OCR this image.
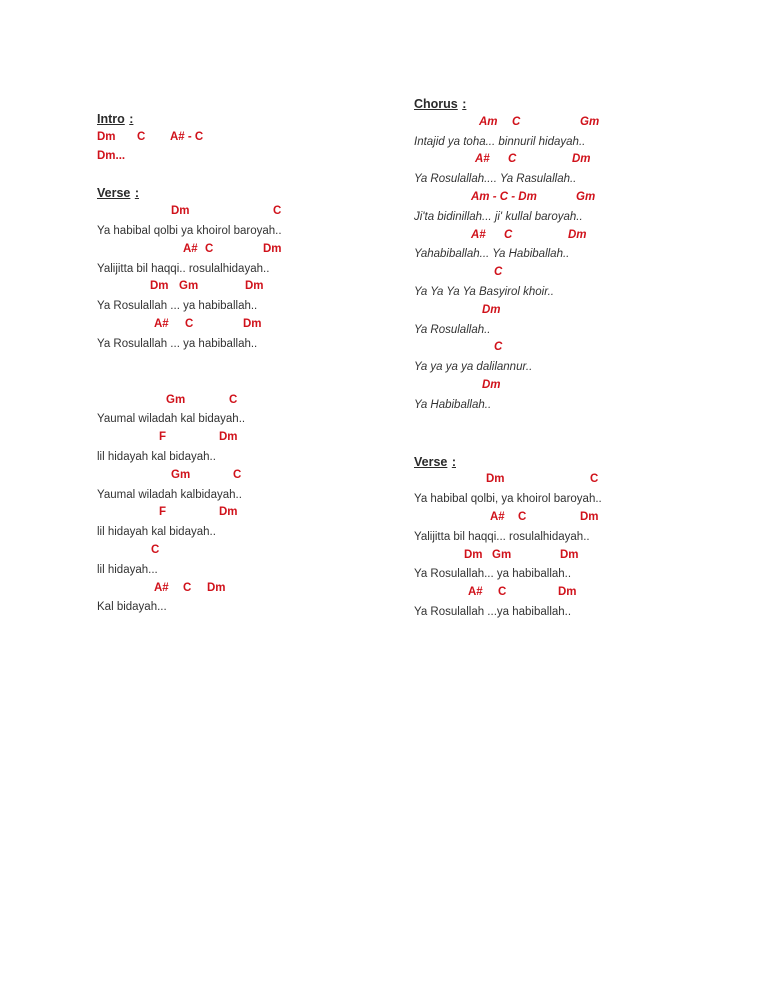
Intro :
Dm C A# - C
Dm...
Verse :
Dm	C
Ya habibal qolbi ya khoirol baroyah..
A# C	Dm
Yalijitta bil haqqi.. rosulalhidayah..
Dm Gm	Dm
Ya Rosulallah ... ya habiballah..
A# C	Dm
Ya Rosulallah ... ya habiballah..
Gm	C
Yaumal wiladah kal bidayah..
F	Dm
lil hidayah kal bidayah..
Gm	C
Yaumal wiladah kalbidayah..
F	Dm
lil hidayah kal bidayah..
C
lil hidayah...
A# C Dm
Kal bidayah...
Chorus :
Am C	Gm
Intajid ya toha... binnuril hidayah..
A# C	Dm
Ya Rosulallah.... Ya Rasulallah..
Am - C - Dm	Gm
Ji'ta bidinillah... ji' kullal baroyah..
A# C	Dm
Yahabiballah... Ya Habiballah..
C
Ya Ya Ya Ya Basyirol khoir..
Dm
Ya Rosulallah..
C
Ya ya ya ya dalilannur..
Dm
Ya Habiballah..
Verse :
Dm	C
Ya habibal qolbi, ya khoirol baroyah..
A# C	Dm
Yalijitta bil haqqi... rosulalhidayah..
Dm Gm	Dm
Ya Rosulallah... ya habiballah..
A# C	Dm
Ya Rosulallah ...ya habiballah..
